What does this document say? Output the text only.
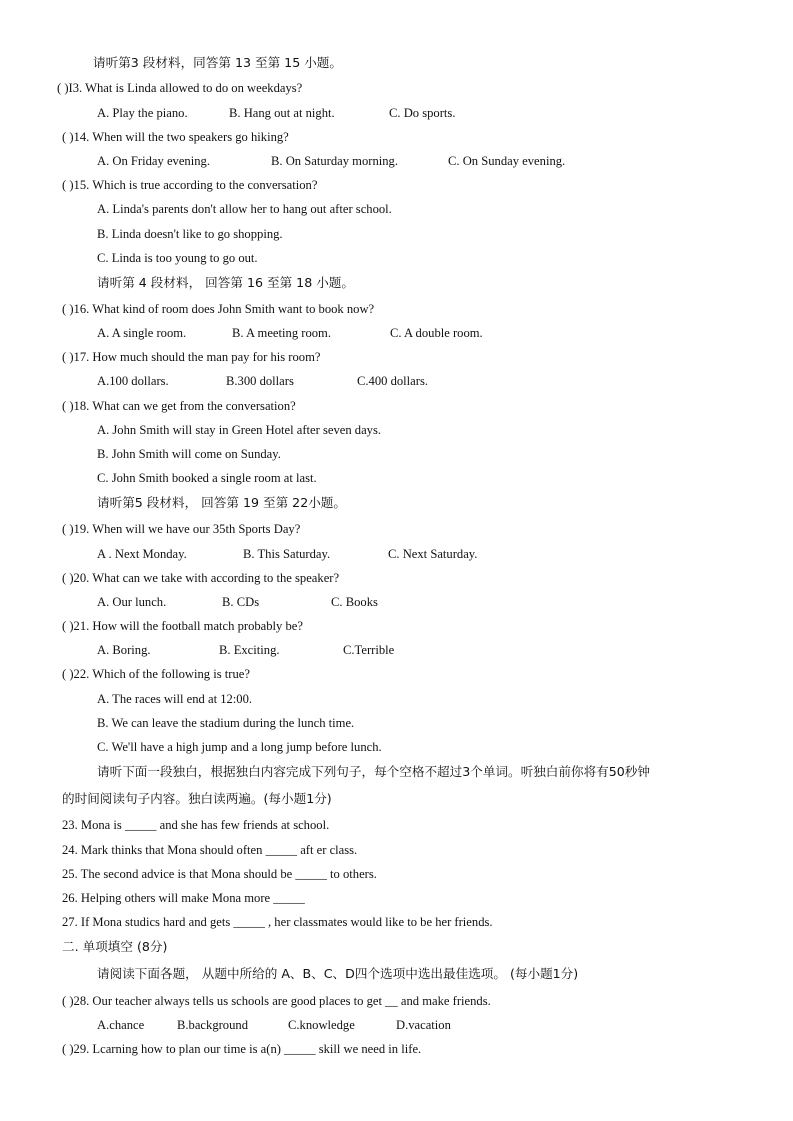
请听第3 段材料，同答第 13 至第 15 小题。
( )I3. What is Linda allowed to do on weekdays?
A. Play the piano.	B. Hang out at night.	C. Do sports.
( )14. When will the two speakers go hiking?
A. On Friday evening.	B. On Saturday morning.	C. On Sunday evening.
( )15. Which is true according to the conversation?
A. Linda's parents don't allow her to hang out after school.
B. Linda doesn't like to go shopping.
C. Linda is too young to go out.
请听第 4 段材料， 回答第 16 至第 18 小题。
( )16. What kind of room does John Smith want to book now?
A. A single room.	B. A meeting room.	C. A double room.
( )17. How much should the man pay for his room?
A.100 dollars.	B.300 dollars	C.400 dollars.
( )18. What can we get from the conversation?
A. John Smith will stay in Green Hotel after seven days.
B. John Smith will come on Sunday.
C. John Smith booked a single room at last.
请听第5 段材料， 回答第 19 至第 22小题。
( )19. When will we have our 35th Sports Day?
A . Next Monday.	B. This Saturday.	C. Next Saturday.
( )20. What can we take with according to the speaker?
A. Our lunch.	B. CDs	C. Books
( )21. How will the football match probably be?
A. Boring.	B. Exciting.	C.Terrible
( )22. Which of the following is true?
A. The races will end at 12:00.
B. We can leave the stadium during the lunch time.
C. We'll have a high jump and a long jump before lunch.
请听下面一段独白，根据独白内容完成下列句子，每个空格不超过3个单词。听独白前你将有50秒钟
的时间阅读句子内容。独白读两遍。(每小题1分)
23. Mona is _____ and she has few friends at school.
24. Mark thinks that Mona should often _____ aft er class.
25. The second advice is that Mona should be _____ to others.
26. Helping others will make Mona more _____
27. If Mona studics hard and gets _____ , her classmates would like to be her friends.
二. 单项填空 (8分)
请阅读下面各题， 从题中所给的 A、B、C、D四个选项中选出最佳选项。 (每小题1分)
( )28. Our teacher always tells us schools are good places to get __ and make friends.
A.chance	B.background	C.knowledge	D.vacation
( )29. Lcarning how to plan our time is a(n) _____ skill we need in life.
